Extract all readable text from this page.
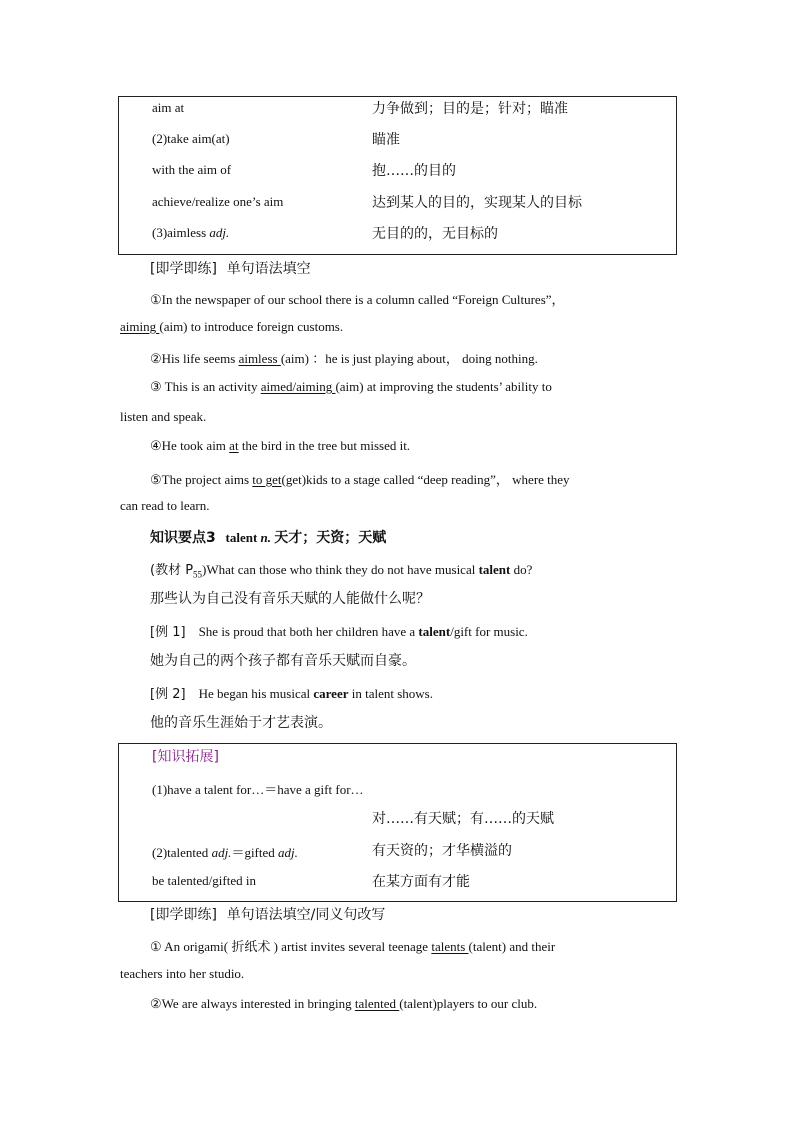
aim at	力争做到；目的是；针对；瞄准
(2)take aim(at)	瞄准
with the aim of	抱……的目的
achieve/realize one’s aim	达到某人的目的，实现某人的目标
(3)aimless adj.	无目的的，无目标的
[即学即练] 单句语法填空
①In the newspaper of our school there is a column called “Foreign Cultures”，
aiming (aim) to introduce foreign customs.
②His life seems aimless (aim) ：he is just playing about， doing nothing.
③ This is an activity aimed/aiming (aim) at improving the students’ ability to
listen and speak.
④He took aim at the bird in the tree but missed it.
⑤The project aims to get(get)kids to a stage called “deep reading”， where they
can read to learn.
知识要点3 talent n. 天才；天资；天赋
(教材 $P_{55})What$ can those who think they do not have musical talent do?
那些认为自己没有音乐天赋的人能做什么呢？
[例 1] She is proud that both her children have a talent/gift for music.
她为自己的两个孩子都有音乐天赋而自豪。
[例 2] He began his musical career in talent shows.
他的音乐生涯始于才艺表演。
[知识拓展]
(1)have a talent for…＝have a gift for…
对……有天赋；有……的天赋
(2)talented adj.＝gifted adj.	有天资的；才华横溢的
be talented/gifted in	在某方面有才能
[即学即练] 单句语法填空/同义句改写
① An origami( 折纸术 ) artist invites several teenage talents (talent) and their
teachers into her studio.
②We are always interested in bringing talented (talent)players to our club.
